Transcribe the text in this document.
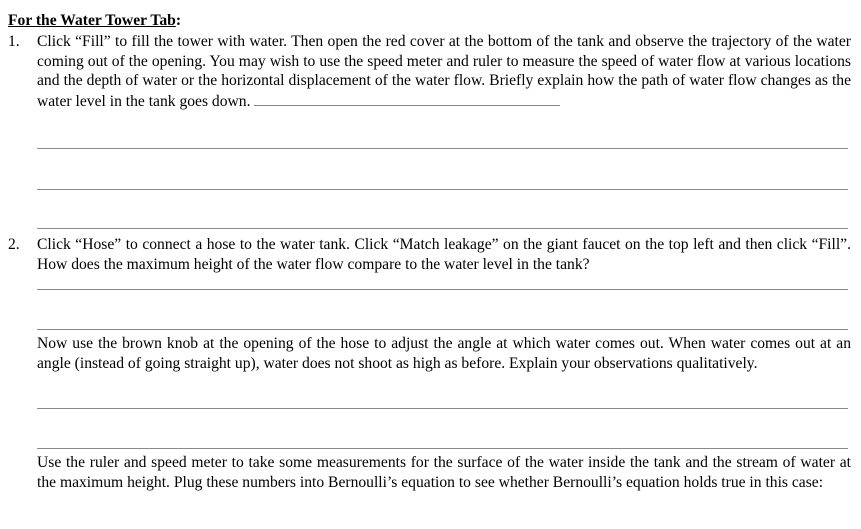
For the Water Tower Tab:
1. Click “Fill” to fill the tower with water. Then open the red cover at the bottom of the tank and observe the trajectory of the water coming out of the opening. You may wish to use the speed meter and ruler to measure the speed of water flow at various locations and the depth of water or the horizontal displacement of the water flow. Briefly explain how the path of water flow changes as the water level in the tank goes down.
2. Click “Hose” to connect a hose to the water tank. Click “Match leakage” on the giant faucet on the top left and then click “Fill”. How does the maximum height of the water flow compare to the water level in the tank?
Now use the brown knob at the opening of the hose to adjust the angle at which water comes out. When water comes out at an angle (instead of going straight up), water does not shoot as high as before. Explain your observations qualitatively.
Use the ruler and speed meter to take some measurements for the surface of the water inside the tank and the stream of water at the maximum height. Plug these numbers into Bernoulli’s equation to see whether Bernoulli’s equation holds true in this case:
